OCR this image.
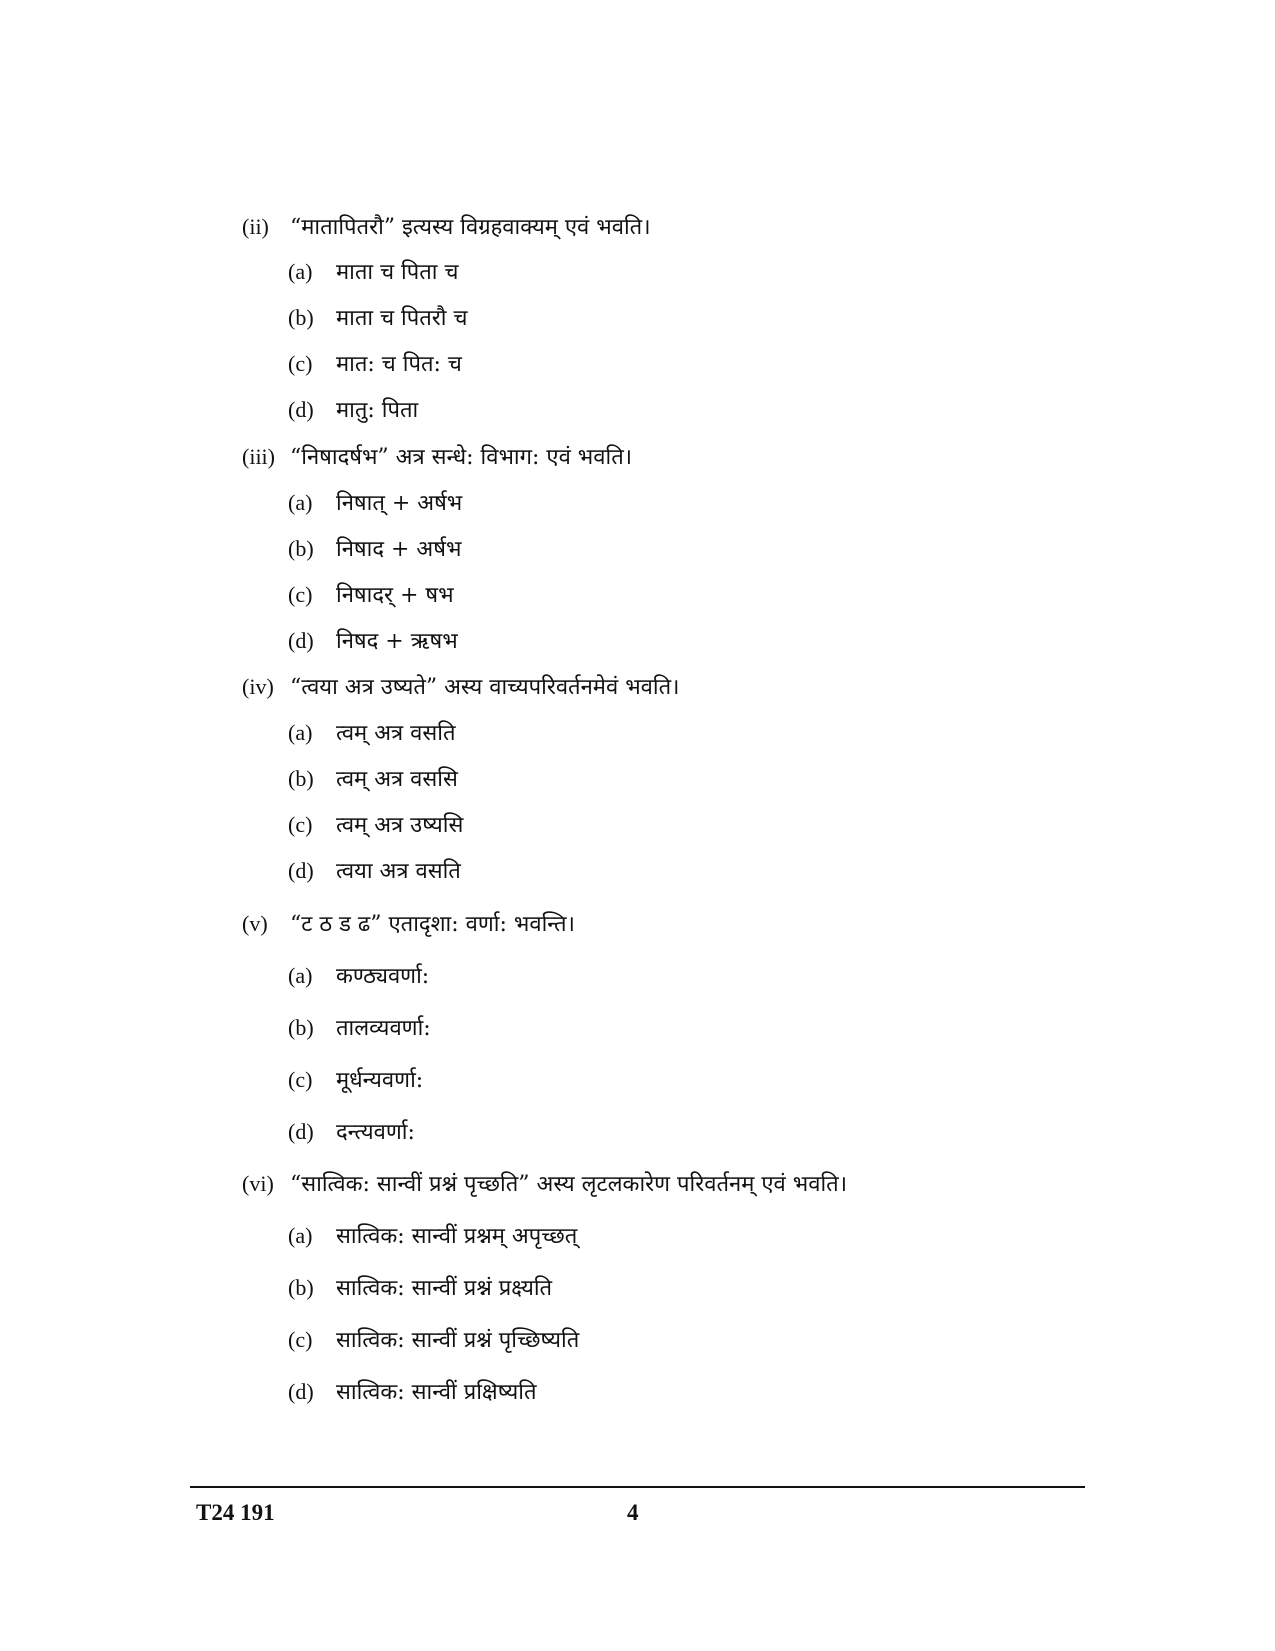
(ii) “मातापितरौ” इत्यस्य विग्रहवाक्यम् एवं भवति।
(a) माता च पिता च
(b) माता च पितरौ च
(c) मात: च पित: च
(d) मातु: पिता
(iii) “निषादर्षभ” अत्र सन्धे: विभाग: एवं भवति।
(a) निषात् + अर्षभ
(b) निषाद + अर्षभ
(c) निषादर् + षभ
(d) निषद + ऋषभ
(iv) “त्वया अत्र उष्यते” अस्य वाच्यपरिवर्तनमेवं भवति।
(a) त्वम् अत्र वसति
(b) त्वम् अत्र वससि
(c) त्वम् अत्र उष्यसि
(d) त्वया अत्र वसति
(v) “ट ठ ड ढ” एतादृशा: वर्णा: भवन्ति।
(a) कण्ठ्यवर्णा:
(b) तालव्यवर्णा:
(c) मूर्धन्यवर्णा:
(d) दन्त्यवर्णा:
(vi) “सात्विक: सान्वीं प्रश्नं पृच्छति” अस्य लृटलकारेण परिवर्तनम् एवं भवति।
(a) सात्विक: सान्वीं प्रश्नम् अपृच्छत्
(b) सात्विक: सान्वीं प्रश्नं प्रक्ष्यति
(c) सात्विक: सान्वीं प्रश्नं पृच्छिष्यति
(d) सात्विक: सान्वीं प्रक्षिष्यति
T24 191	4
